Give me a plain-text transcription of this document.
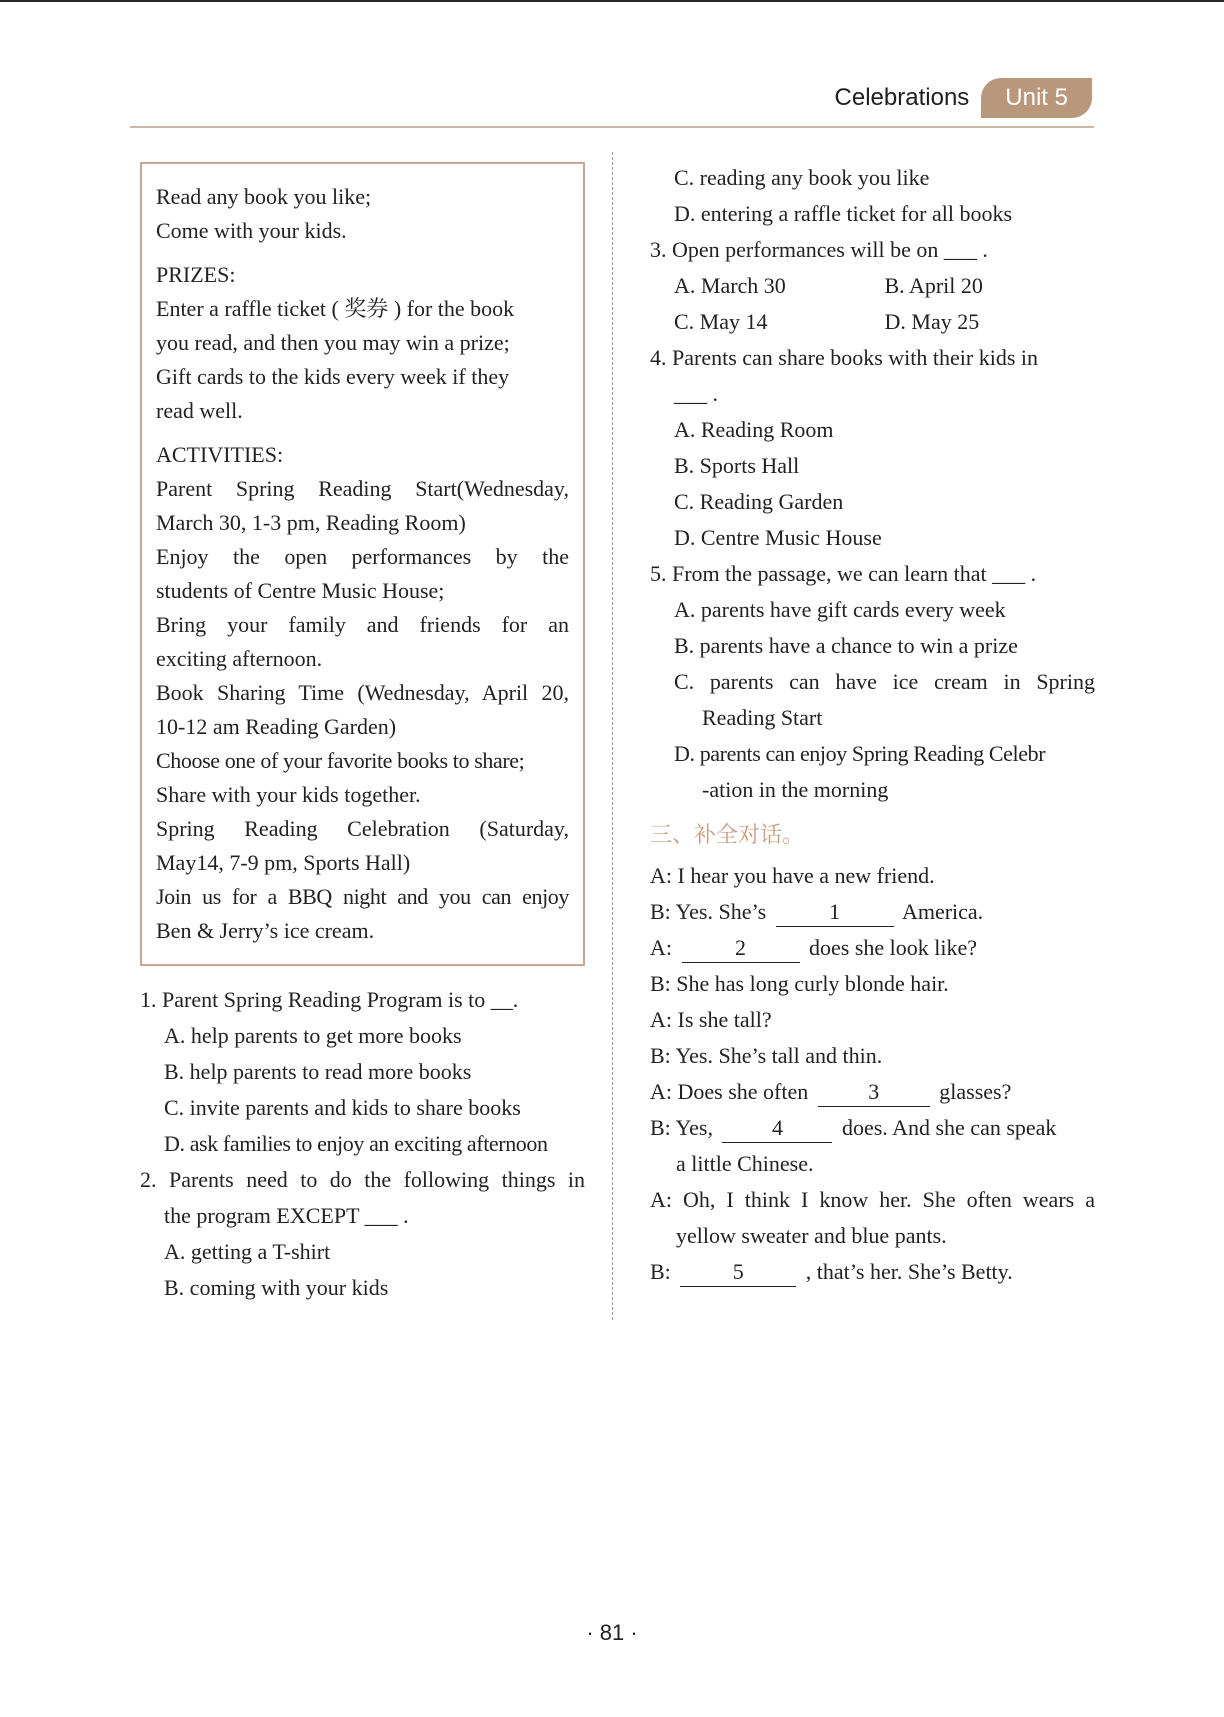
Celebrations	Unit 5
Read any book you like;
Come with your kids.
PRIZES:
Enter a raffle ticket ( 奖券 ) for the book
you read, and then you may win a prize;
Gift cards to the kids every week if they
read well.
ACTIVITIES:
Parent Spring Reading Start(Wednesday,
March 30, 1-3 pm, Reading Room)
Enjoy the open performances by the
students of Centre Music House;
Bring your family and friends for an
exciting afternoon.
Book Sharing Time (Wednesday, April 20,
10-12 am Reading Garden)
Choose one of your favorite books to share;
Share with your kids together.
Spring Reading Celebration (Saturday,
May14, 7-9 pm, Sports Hall)
Join us for a BBQ night and you can enjoy
Ben & Jerry’s ice cream.
1. Parent Spring Reading Program is to __.
A. help parents to get more books
B. help parents to read more books
C. invite parents and kids to share books
D. ask families to enjoy an exciting afternoon
2. Parents need to do the following things in
the program EXCEPT ___ .
A. getting a T-shirt
B. coming with your kids
C. reading any book you like
D. entering a raffle ticket for all books
3. Open performances will be on ___ .
A. March 30	B. April 20
C. May 14	D. May 25
4. Parents can share books with their kids in
___ .
A. Reading Room
B. Sports Hall
C. Reading Garden
D. Centre Music House
5. From the passage, we can learn that ___ .
A. parents have gift cards every week
B. parents have a chance to win a prize
C. parents can have ice cream in Spring
Reading Start
D. parents can enjoy Spring Reading Celebr
-ation in the morning
三、补全对话。
A: I hear you have a new friend.
B: Yes. She’s	1	America.
A:	2	does she look like?
B: She has long curly blonde hair.
A: Is she tall?
B: Yes. She’s tall and thin.
A: Does she often	3	glasses?
B: Yes,	4	does. And she can speak
a little Chinese.
A: Oh, I think I know her. She often wears a
yellow sweater and blue pants.
B:	5	, that’s her. She’s Betty.
· 81 ·
